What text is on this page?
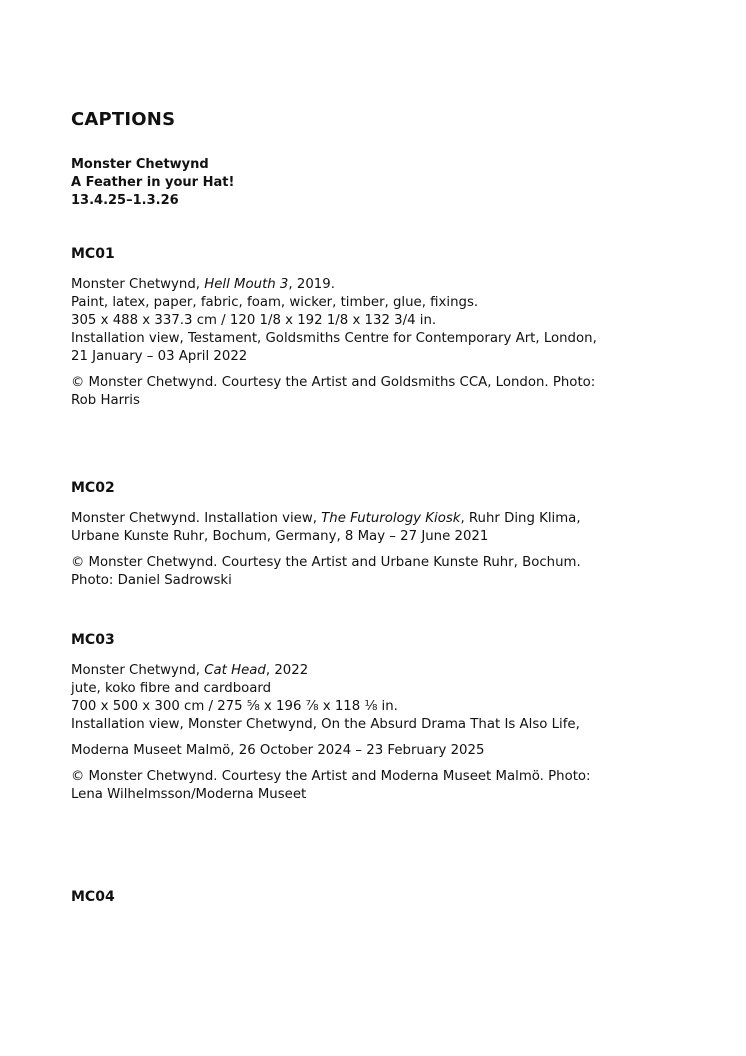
CAPTIONS
Monster Chetwynd
A Feather in your Hat!
13.4.25–1.3.26
MC01
Monster Chetwynd, Hell Mouth 3, 2019.
Paint, latex, paper, fabric, foam, wicker, timber, glue, fixings.
305 x 488 x 337.3 cm / 120 1/8 x 192 1/8 x 132 3/4 in.
Installation view, Testament, Goldsmiths Centre for Contemporary Art, London,
21 January – 03 April 2022
© Monster Chetwynd. Courtesy the Artist and Goldsmiths CCA, London. Photo:
Rob Harris
MC02
Monster Chetwynd. Installation view, The Futurology Kiosk, Ruhr Ding Klima,
Urbane Kunste Ruhr, Bochum, Germany, 8 May – 27 June 2021
© Monster Chetwynd. Courtesy the Artist and Urbane Kunste Ruhr, Bochum.
Photo: Daniel Sadrowski
MC03
Monster Chetwynd, Cat Head, 2022
jute, koko fibre and cardboard
700 x 500 x 300 cm / 275 ⅝ x 196 ⅞ x 118 ⅛ in.
Installation view, Monster Chetwynd, On the Absurd Drama That Is Also Life,
Moderna Museet Malmö, 26 October 2024 – 23 February 2025
© Monster Chetwynd. Courtesy the Artist and Moderna Museet Malmö. Photo:
Lena Wilhelmsson/Moderna Museet
MC04
